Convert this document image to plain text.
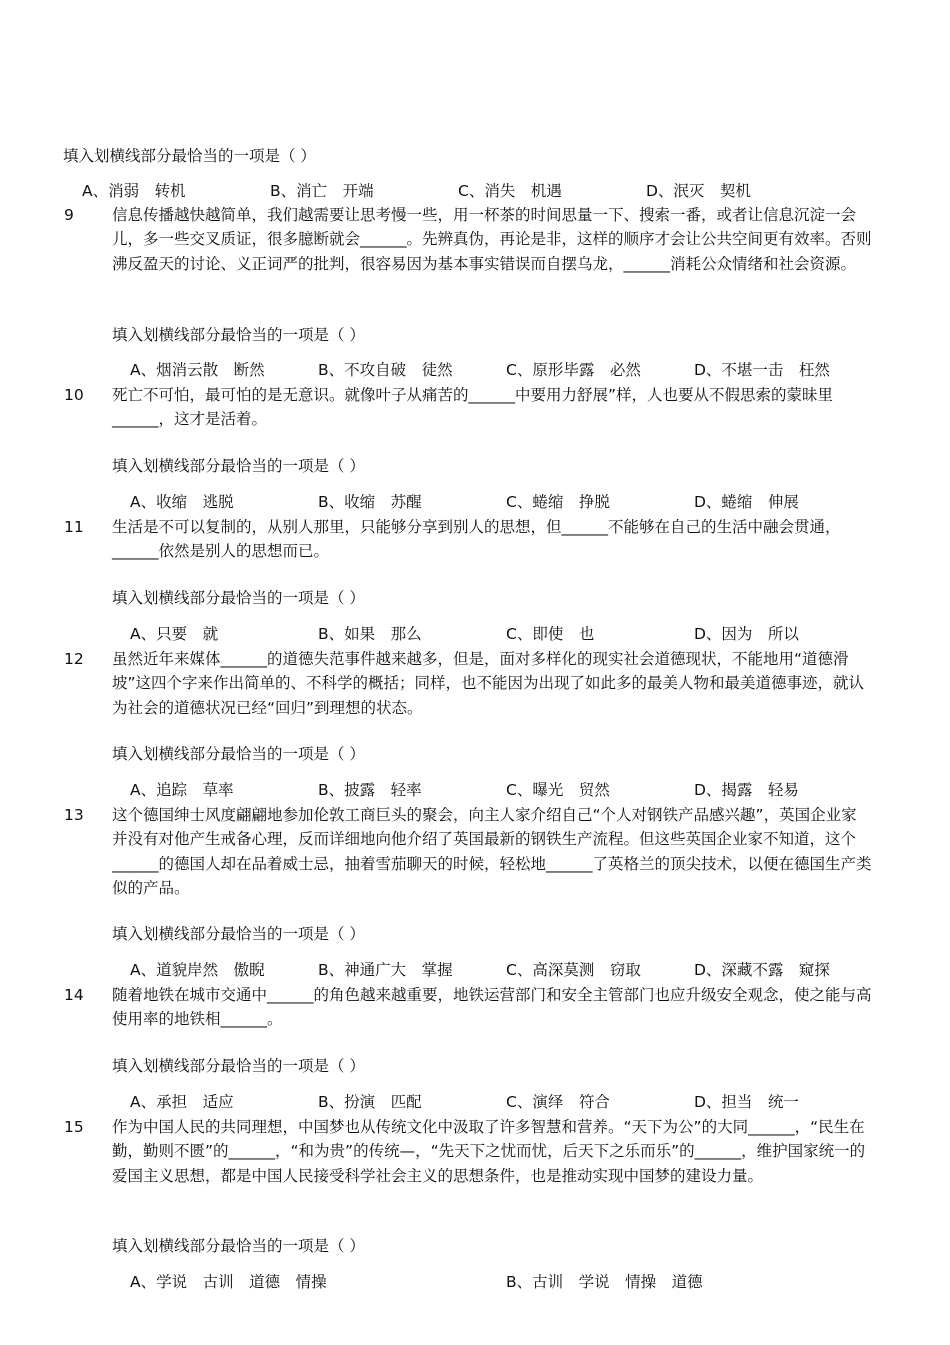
填入划横线部分最恰当的一项是（ ）
A、消弱　转机	B、消亡　开端	C、消失　机遇	D、泯灭　契机
9	信息传播越快越简单，我们越需要让思考慢一些，用一杯茶的时间思量一下、搜索一番，或者让信息沉淀一会儿，多一些交叉质证，很多臆断就会______。先辨真伪，再论是非，这样的顺序才会让公共空间更有效率。否则沸反盈天的讨论、义正词严的批判，很容易因为基本事实错误而自摆乌龙，______消耗公众情绪和社会资源。
填入划横线部分最恰当的一项是（ ）
A、烟消云散　断然	B、不攻自破　徒然	C、原形毕露　必然	D、不堪一击　枉然
10	死亡不可怕，最可怕的是无意识。就像叶子从痛苦的______中要用力舒展”样，人也要从不假思索的蒙昧里______，这才是活着。
填入划横线部分最恰当的一项是（ ）
A、收缩　逃脱	B、收缩　苏醒	C、蜷缩　挣脱	D、蜷缩　伸展
11	生活是不可以复制的，从别人那里，只能够分享到别人的思想，但______不能够在自己的生活中融会贯通，______依然是别人的思想而已。
填入划横线部分最恰当的一项是（ ）
A、只要　就	B、如果　那么	C、即使　也	D、因为　所以
12	虽然近年来媒体______的道德失范事件越来越多，但是，面对多样化的现实社会道德现状，不能地用“道德滑坡”这四个字来作出简单的、不科学的概括；同样，也不能因为出现了如此多的最美人物和最美道德事迹，就认为社会的道德状况已经“回归”到理想的状态。
填入划横线部分最恰当的一项是（ ）
A、追踪　草率	B、披露　轻率	C、曝光　贸然	D、揭露　轻易
13	这个德国绅士风度翩翩地参加伦敦工商巨头的聚会，向主人家介绍自己“个人对钢铁产品感兴趣”，英国企业家并没有对他产生戒备心理，反而详细地向他介绍了英国最新的钢铁生产流程。但这些英国企业家不知道，这个______的德国人却在品着威士忌，抽着雪茄聊天的时候，轻松地______了英格兰的顶尖技术，以便在德国生产类似的产品。
填入划横线部分最恰当的一项是（ ）
A、道貌岸然　傲睨	B、神通广大　掌握	C、高深莫测　窃取	D、深藏不露　窥探
14	随着地铁在城市交通中______的角色越来越重要，地铁运营部门和安全主管部门也应升级安全观念，使之能与高使用率的地铁相______。
填入划横线部分最恰当的一项是（ ）
A、承担　适应	B、扮演　匹配	C、演绎　符合	D、担当　统一
15	作为中国人民的共同理想，中国梦也从传统文化中汲取了许多智慧和营养。“天下为公”的大同______，“民生在勤，勤则不匮”的______，“和为贵”的传统—，“先天下之忧而忧，后天下之乐而乐”的______，维护国家统一的爱国主义思想，都是中国人民接受科学社会主义的思想条件，也是推动实现中国梦的建设力量。
填入划横线部分最恰当的一项是（ ）
A、学说　古训　道德　情操	B、古训　学说　情操　道德
